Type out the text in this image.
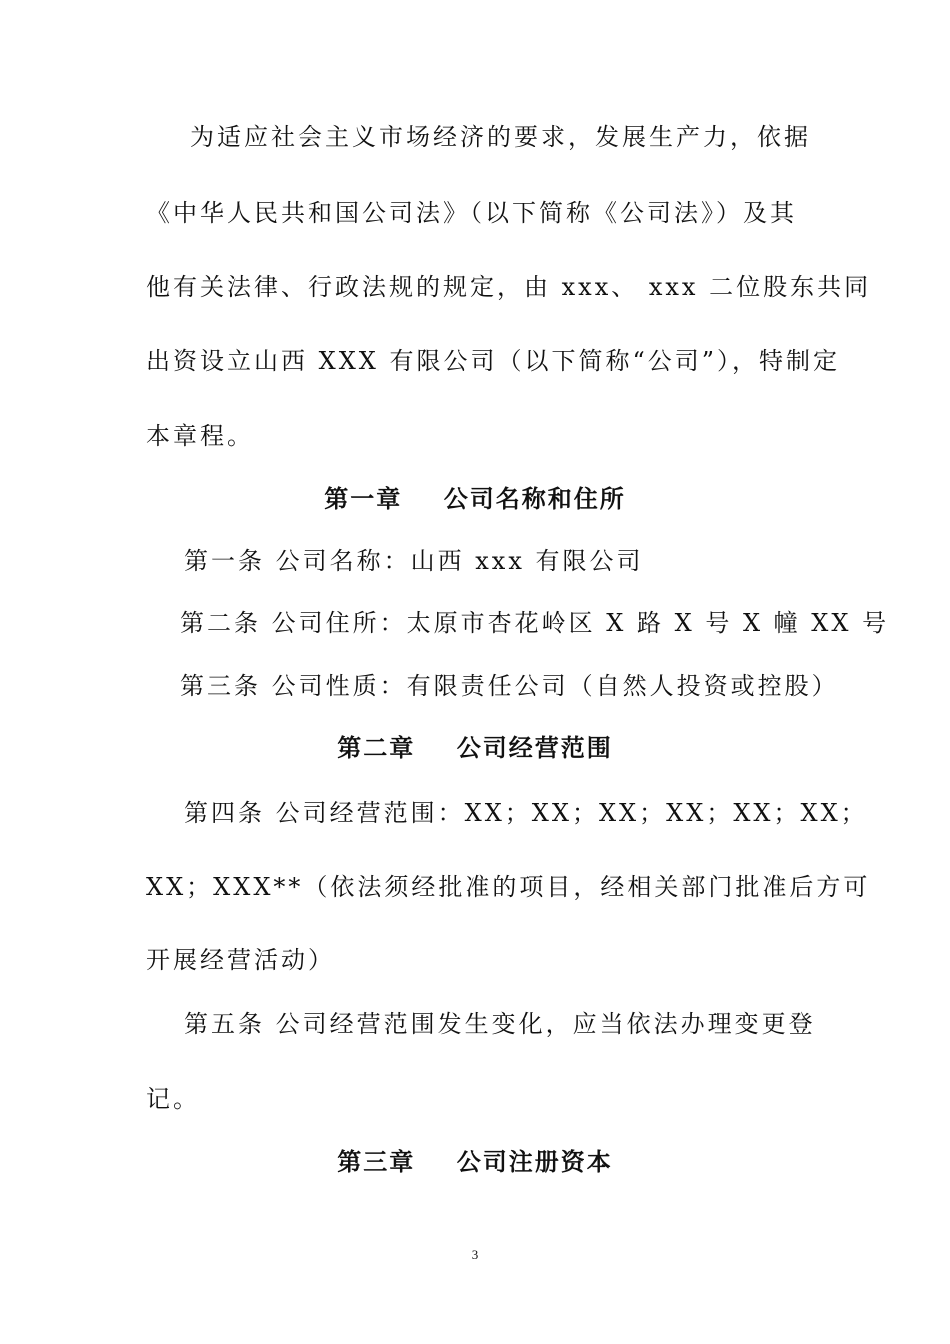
为适应社会主义市场经济的要求，发展生产力，依据
《中华人民共和国公司法》（以下简称《公司法》）及其
他有关法律、行政法规的规定，由 xxx、 xxx 二位股东共同
出资设立山西 XXX 有限公司（以下简称“公司”），特制定
本章程。
第一章    公司名称和住所
第一条 公司名称：山西 xxx 有限公司
第二条 公司住所：太原市杏花岭区 X 路 X 号 X 幢 XX 号
第三条 公司性质：有限责任公司（自然人投资或控股）
第二章    公司经营范围
第四条 公司经营范围：XX；XX；XX；XX；XX；XX；
XX；XXX**（依法须经批准的项目，经相关部门批准后方可
开展经营活动）
第五条 公司经营范围发生变化，应当依法办理变更登
记。
第三章    公司注册资本
3
